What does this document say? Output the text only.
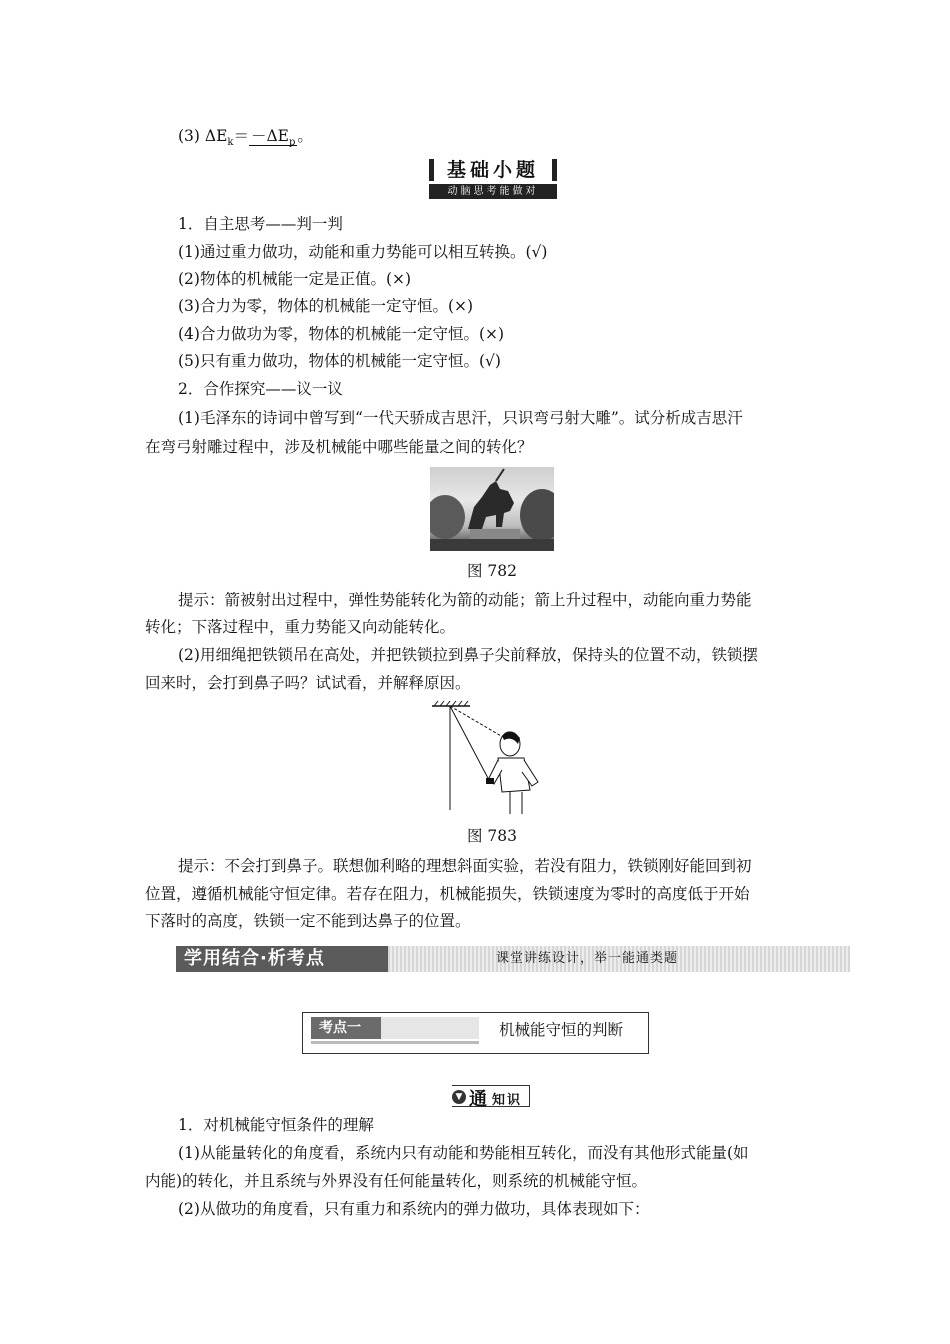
(3) $\Delta E_k= -\Delta E_p$ 。
基础小题
动脑思考能做对
1．自主思考——判一判
(1)通过重力做功，动能和重力势能可以相互转换。(√)
(2)物体的机械能一定是正值。(×)
(3)合力为零，物体的机械能一定守恒。(×)
(4)合力做功为零，物体的机械能一定守恒。(×)
(5)只有重力做功，物体的机械能一定守恒。(√)
2．合作探究——议一议
(1)毛泽东的诗词中曾写到“一代天骄成吉思汗，只识弯弓射大雕”。试分析成吉思汗
在弯弓射雕过程中，涉及机械能中哪些能量之间的转化？
图 782
提示：箭被射出过程中，弹性势能转化为箭的动能；箭上升过程中，动能向重力势能
转化；下落过程中，重力势能又向动能转化。
(2)用细绳把铁锁吊在高处，并把铁锁拉到鼻子尖前释放，保持头的位置不动，铁锁摆
回来时，会打到鼻子吗？试试看，并解释原因。
图 783
提示：不会打到鼻子。联想伽利略的理想斜面实验，若没有阻力，铁锁刚好能回到初
位置，遵循机械能守恒定律。若存在阻力，机械能损失，铁锁速度为零时的高度低于开始
下落时的高度，铁锁一定不能到达鼻子的位置。
学用结合·析考点	课堂讲练设计，举一能通类题
考点一	机械能守恒的判断
▼ 通 知识
1．对机械能守恒条件的理解
(1)从能量转化的角度看，系统内只有动能和势能相互转化，而没有其他形式能量(如
内能)的转化，并且系统与外界没有任何能量转化，则系统的机械能守恒。
(2)从做功的角度看，只有重力和系统内的弹力做功，具体表现如下：
